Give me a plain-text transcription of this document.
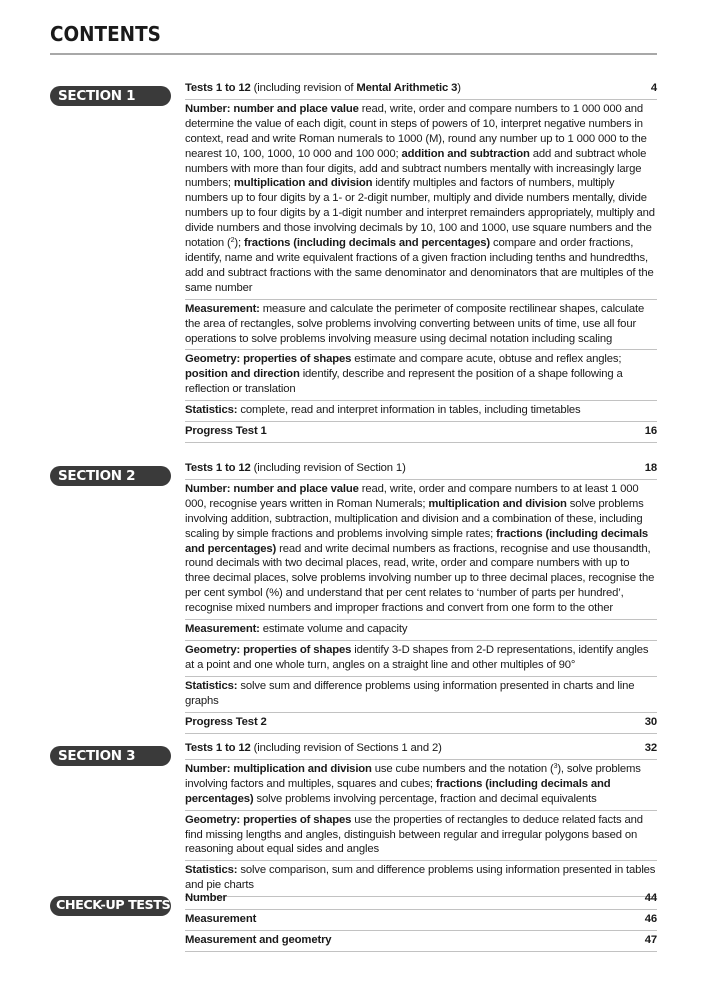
CONTENTS
SECTION 1	Tests 1 to 12 (including revision of Mental Arithmetic 3)	4
Number: number and place value read, write, order and compare numbers to 1 000 000 and determine the value of each digit, count in steps of powers of 10, interpret negative numbers in context, read and write Roman numerals to 1000 (M), round any number up to 1 000 000 to the nearest 10, 100, 1000, 10 000 and 100 000; addition and subtraction add and subtract whole numbers with more than four digits, add and subtract numbers mentally with increasingly large numbers; multiplication and division identify multiples and factors of numbers, multiply numbers up to four digits by a 1- or 2-digit number, multiply and divide numbers mentally, divide numbers up to four digits by a 1-digit number and interpret remainders appropriately, multiply and divide numbers and those involving decimals by 10, 100 and 1000, use square numbers and the notation ($^2$); fractions (including decimals and percentages) compare and order fractions, identify, name and write equivalent fractions of a given fraction including tenths and hundredths, add and subtract fractions with the same denominator and denominators that are multiples of the same number
Measurement: measure and calculate the perimeter of composite rectilinear shapes, calculate the area of rectangles, solve problems involving converting between units of time, use all four operations to solve problems involving measure using decimal notation including scaling
Geometry: properties of shapes estimate and compare acute, obtuse and reflex angles; position and direction identify, describe and represent the position of a shape following a reflection or translation
Statistics: complete, read and interpret information in tables, including timetables
Progress Test 1	16
SECTION 2	Tests 1 to 12 (including revision of Section 1)	18
Number: number and place value read, write, order and compare numbers to at least 1 000 000, recognise years written in Roman Numerals; multiplication and division solve problems involving addition, subtraction, multiplication and division and a combination of these, including scaling by simple fractions and problems involving simple rates; fractions (including decimals and percentages) read and write decimal numbers as fractions, recognise and use thousandth, round decimals with two decimal places, read, write, order and compare numbers with up to three decimal places, solve problems involving number up to three decimal places, recognise the per cent symbol (%) and understand that per cent relates to ‘number of parts per hundred’, recognise mixed numbers and improper fractions and convert from one form to the other
Measurement: estimate volume and capacity
Geometry: properties of shapes identify 3-D shapes from 2-D representations, identify angles at a point and one whole turn, angles on a straight line and other multiples of 90°
Statistics: solve sum and difference problems using information presented in charts and line graphs
Progress Test 2	30
SECTION 3	Tests 1 to 12 (including revision of Sections 1 and 2)	32
Number: multiplication and division use cube numbers and the notation ($^3$), solve problems involving factors and multiples, squares and cubes; fractions (including decimals and percentages) solve problems involving percentage, fraction and decimal equivalents
Geometry: properties of shapes use the properties of rectangles to deduce related facts and find missing lengths and angles, distinguish between regular and irregular polygons based on reasoning about equal sides and angles
Statistics: solve comparison, sum and difference problems using information presented in tables and pie charts
CHECK-UP TESTS Number	44
Measurement	46
Measurement and geometry	47
